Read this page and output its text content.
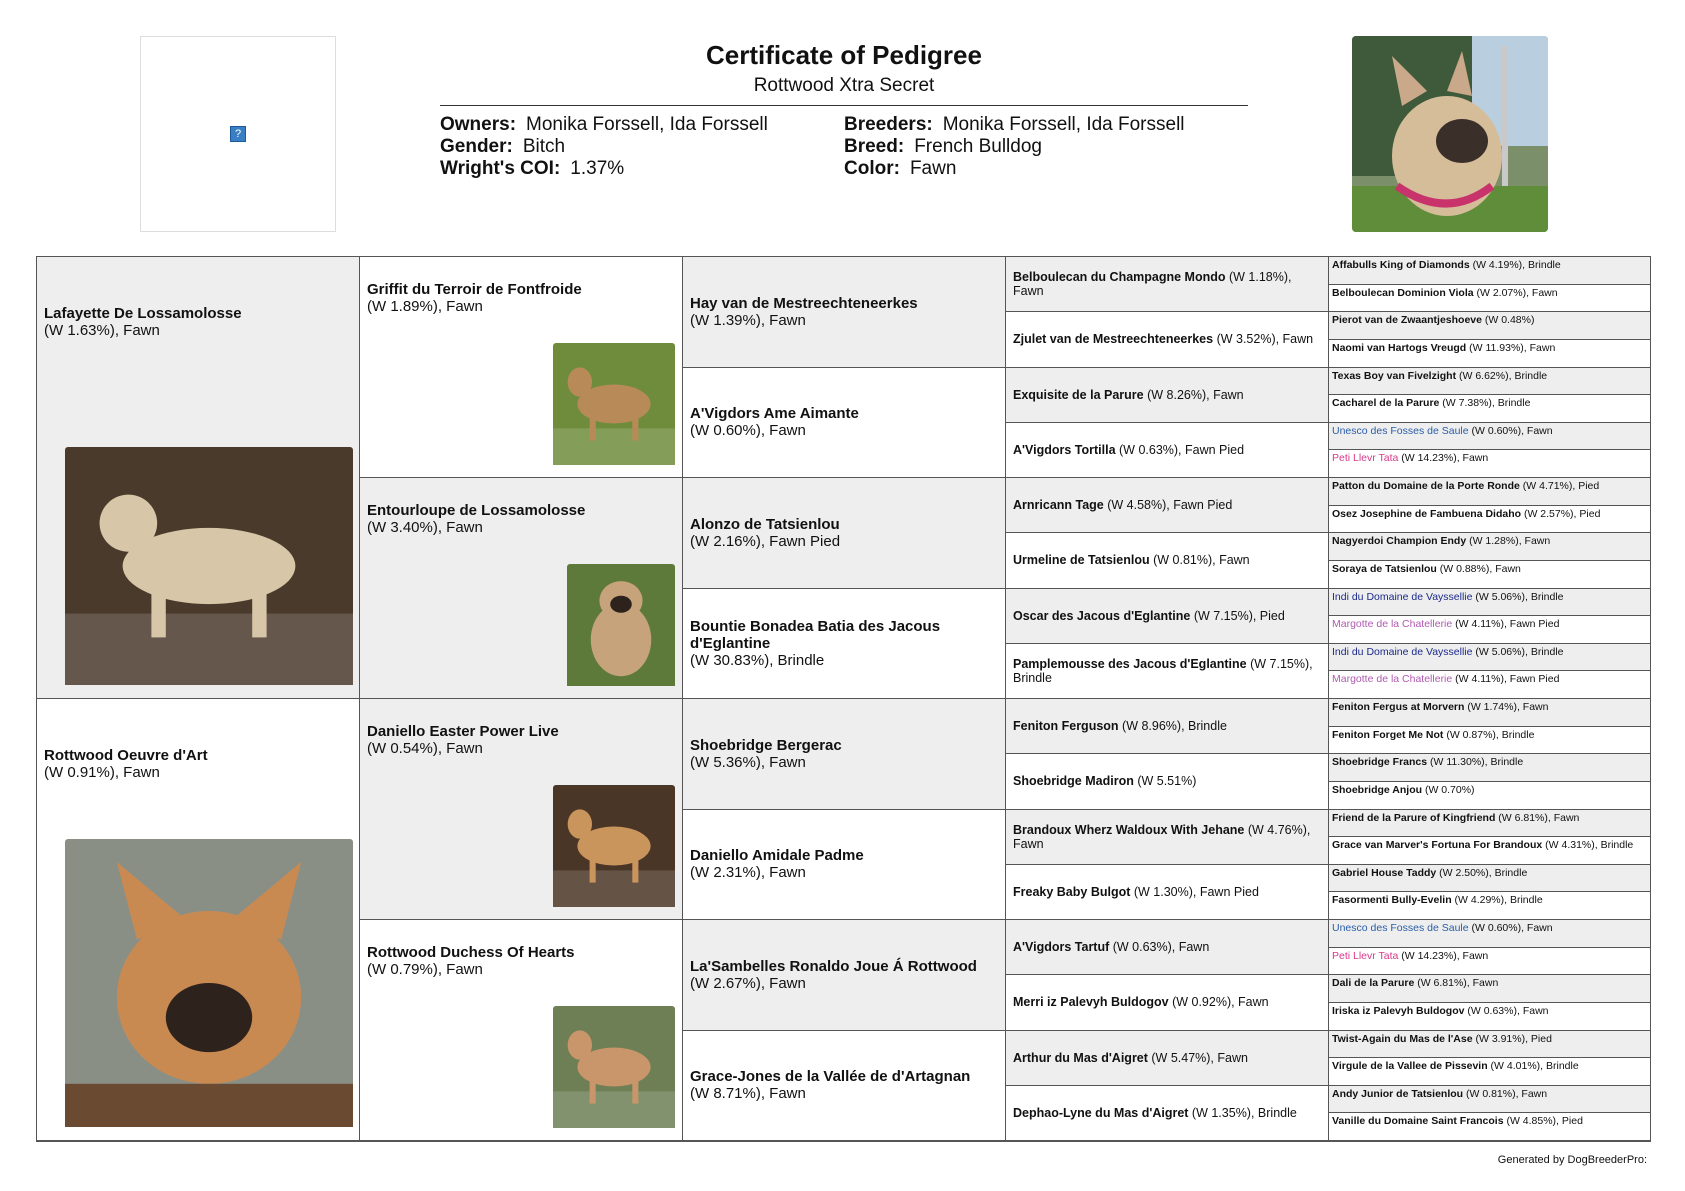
?
Certificate of Pedigree
Rottwood Xtra Secret
Owners: Monika Forssell, Ida Forssell
Gender: Bitch
Wright's COI: 1.37%
Breeders: Monika Forssell, Ida Forssell
Breed: French Bulldog
Color: Fawn
Lafayette De Lossamolosse
(W 1.63%), Fawn
Rottwood Oeuvre d'Art
(W 0.91%), Fawn
Griffit du Terroir de Fontfroide
(W 1.89%), Fawn
Entourloupe de Lossamolosse
(W 3.40%), Fawn
Daniello Easter Power Live
(W 0.54%), Fawn
Rottwood Duchess Of Hearts
(W 0.79%), Fawn
Hay van de Mestreechteneerkes
(W 1.39%), Fawn
A'Vigdors Ame Aimante
(W 0.60%), Fawn
Alonzo de Tatsienlou
(W 2.16%), Fawn Pied
Bountie Bonadea Batia des Jacous d'Eglantine
(W 30.83%), Brindle
Shoebridge Bergerac
(W 5.36%), Fawn
Daniello Amidale Padme
(W 2.31%), Fawn
La'Sambelles Ronaldo Joue Á Rottwood
(W 2.67%), Fawn
Grace-Jones de la Vallée de d'Artagnan
(W 8.71%), Fawn
Belboulecan du Champagne Mondo (W 1.18%), Fawn
Zjulet van de Mestreechteneerkes (W 3.52%), Fawn
Exquisite de la Parure (W 8.26%), Fawn
A'Vigdors Tortilla (W 0.63%), Fawn Pied
Arnricann Tage (W 4.58%), Fawn Pied
Urmeline de Tatsienlou (W 0.81%), Fawn
Oscar des Jacous d'Eglantine (W 7.15%), Pied
Pamplemousse des Jacous d'Eglantine (W 7.15%), Brindle
Feniton Ferguson (W 8.96%), Brindle
Shoebridge Madiron (W 5.51%)
Brandoux Wherz Waldoux With Jehane (W 4.76%), Fawn
Freaky Baby Bulgot (W 1.30%), Fawn Pied
A'Vigdors Tartuf (W 0.63%), Fawn
Merri iz Palevyh Buldogov (W 0.92%), Fawn
Arthur du Mas d'Aigret (W 5.47%), Fawn
Dephao-Lyne du Mas d'Aigret (W 1.35%), Brindle
Affabulls King of Diamonds (W 4.19%), Brindle
Belboulecan Dominion Viola (W 2.07%), Fawn
Pierot van de Zwaantjeshoeve (W 0.48%)
Naomi van Hartogs Vreugd (W 11.93%), Fawn
Texas Boy van Fivelzight (W 6.62%), Brindle
Cacharel de la Parure (W 7.38%), Brindle
Unesco des Fosses de Saule (W 0.60%), Fawn
Peti Llevr Tata (W 14.23%), Fawn
Patton du Domaine de la Porte Ronde (W 4.71%), Pied
Osez Josephine de Fambuena Didaho (W 2.57%), Pied
Nagyerdoi Champion Endy (W 1.28%), Fawn
Soraya de Tatsienlou (W 0.88%), Fawn
Indi du Domaine de Vayssellie (W 5.06%), Brindle
Margotte de la Chatellerie (W 4.11%), Fawn Pied
Indi du Domaine de Vayssellie (W 5.06%), Brindle
Margotte de la Chatellerie (W 4.11%), Fawn Pied
Feniton Fergus at Morvern (W 1.74%), Fawn
Feniton Forget Me Not (W 0.87%), Brindle
Shoebridge Francs (W 11.30%), Brindle
Shoebridge Anjou (W 0.70%)
Friend de la Parure of Kingfriend (W 6.81%), Fawn
Grace van Marver's Fortuna For Brandoux (W 4.31%), Brindle
Gabriel House Taddy (W 2.50%), Brindle
Fasormenti Bully-Evelin (W 4.29%), Brindle
Unesco des Fosses de Saule (W 0.60%), Fawn
Peti Llevr Tata (W 14.23%), Fawn
Dali de la Parure (W 6.81%), Fawn
Iriska iz Palevyh Buldogov (W 0.63%), Fawn
Twist-Again du Mas de l'Ase (W 3.91%), Pied
Virgule de la Vallee de Pissevin (W 4.01%), Brindle
Andy Junior de Tatsienlou (W 0.81%), Fawn
Vanille du Domaine Saint Francois (W 4.85%), Pied
Generated by DogBreederPro:
